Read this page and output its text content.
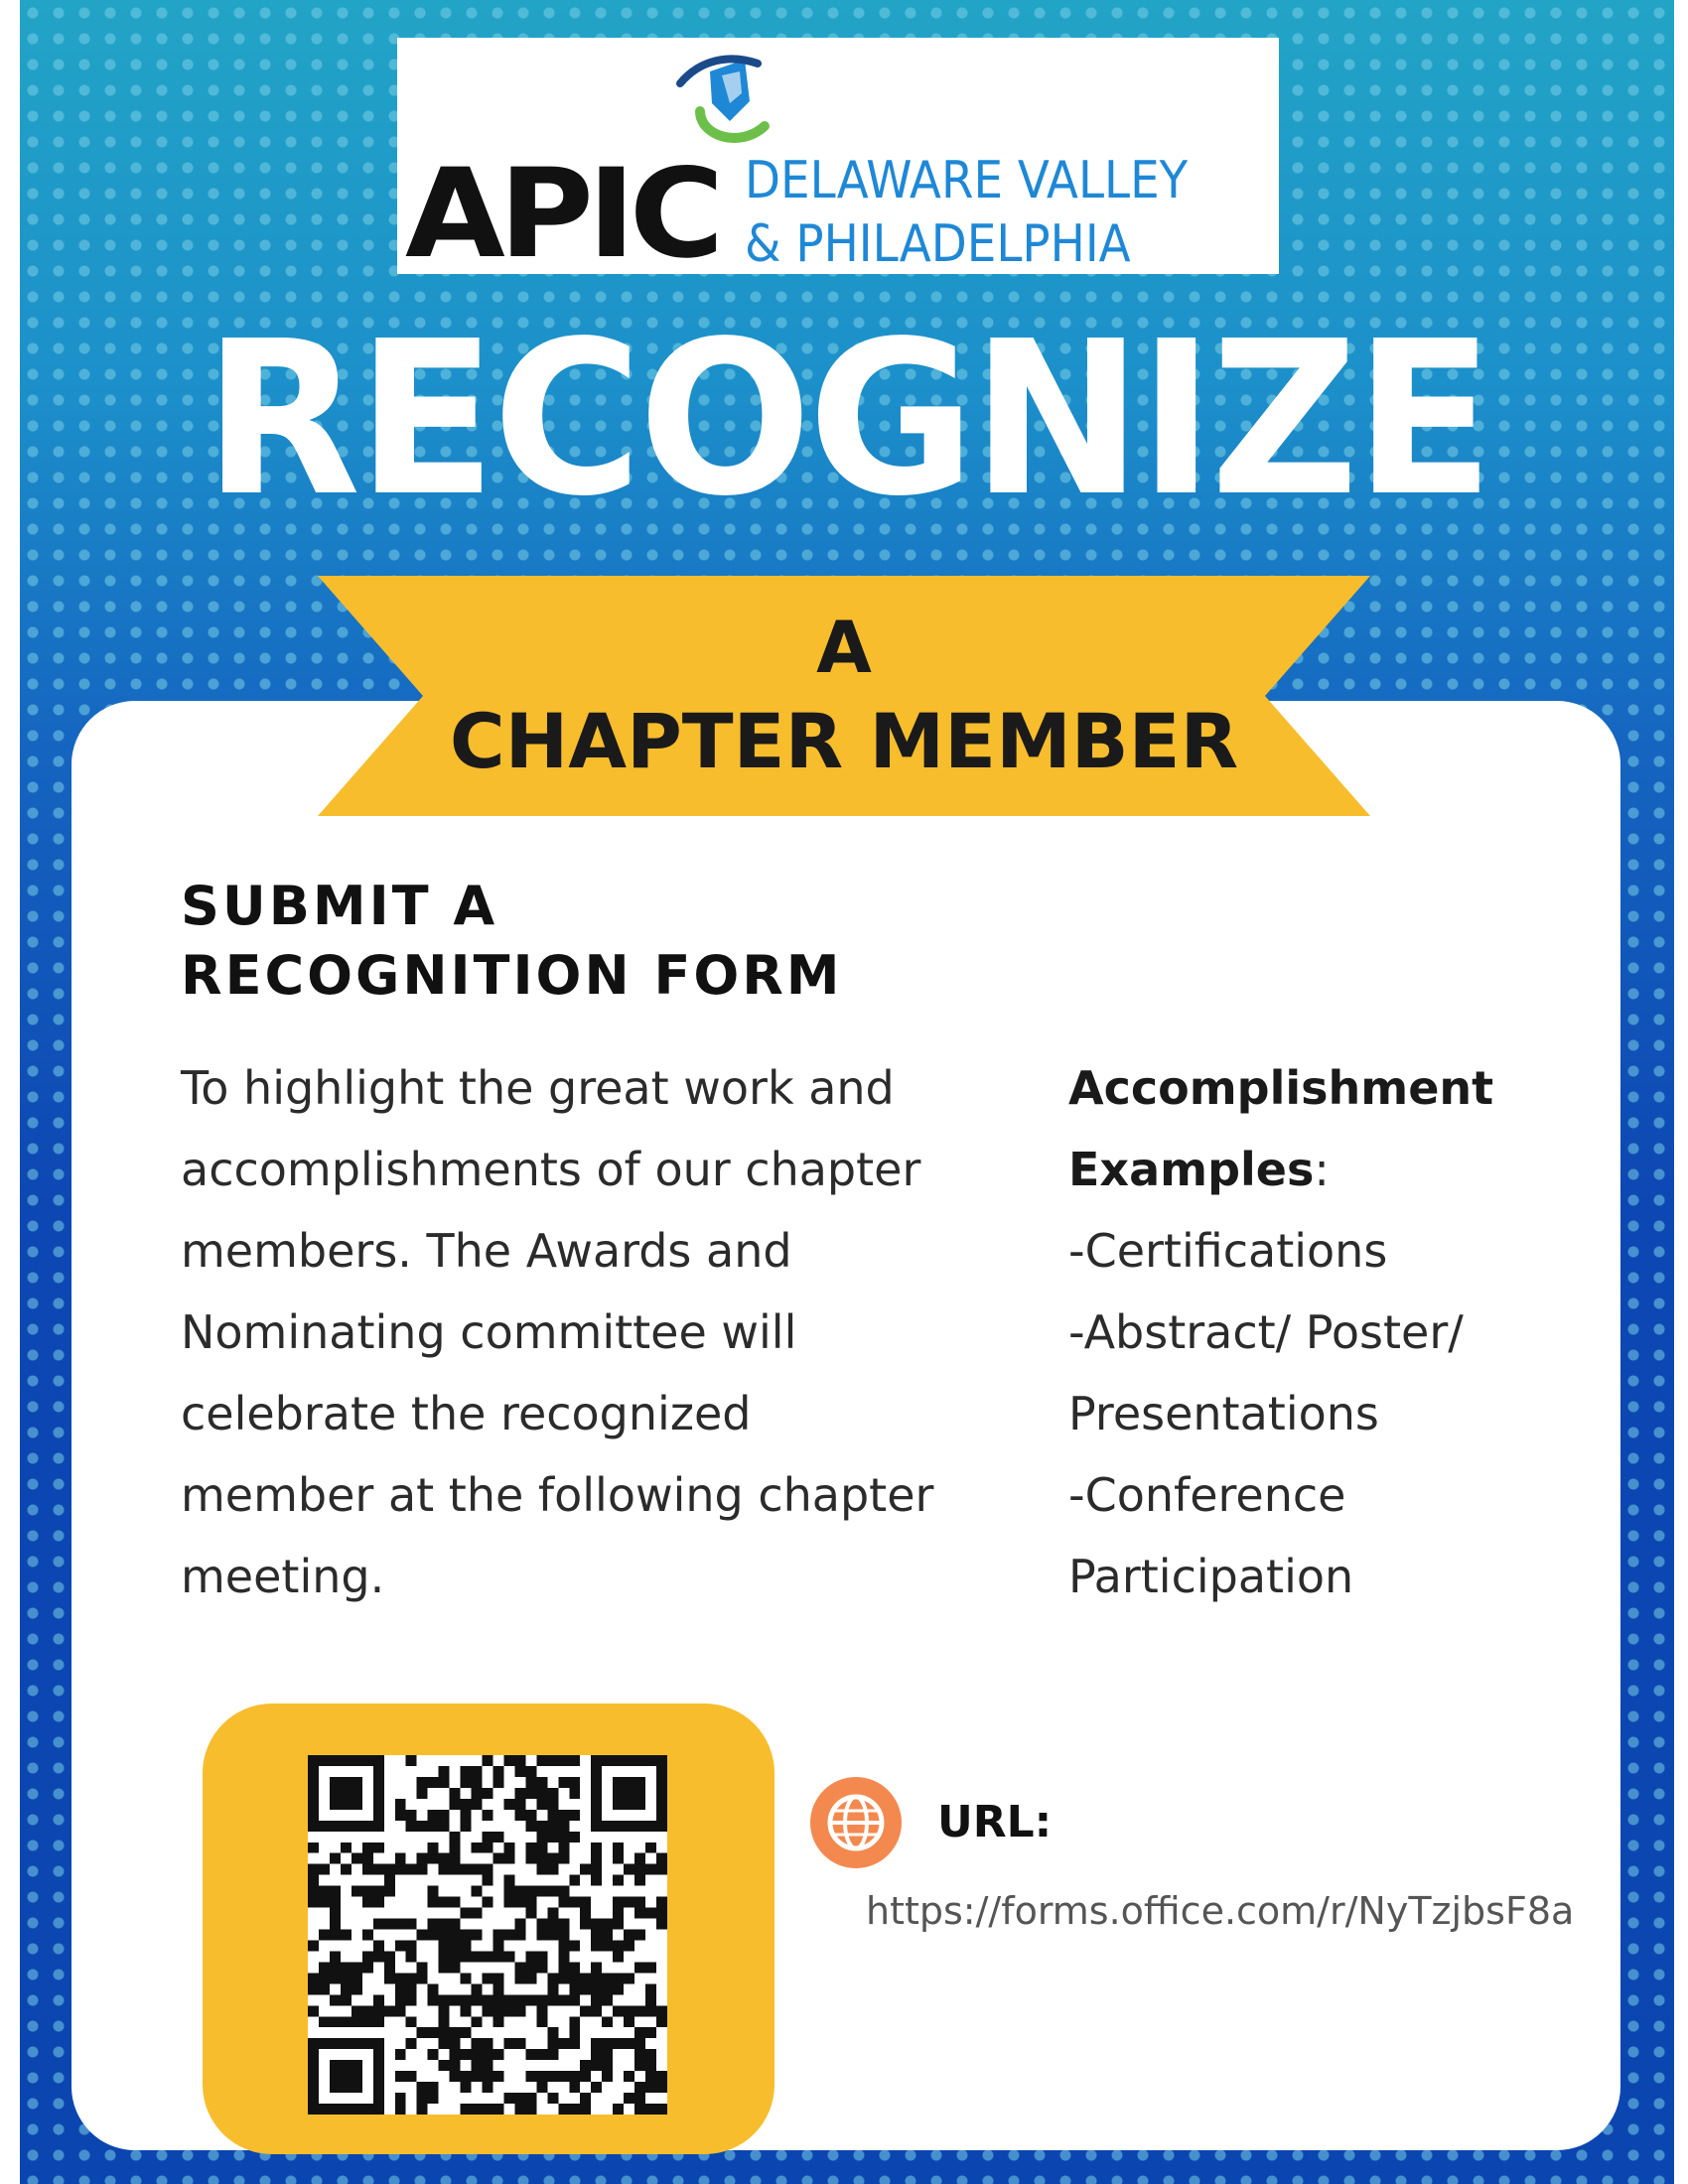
APIC DELAWARE VALLEY
& PHILADELPHIA
RECOGNIZE
A
CHAPTER MEMBER
SUBMIT A
RECOGNITION FORM
To highlight the great work and
accomplishments of our chapter
members. The Awards and
Nominating committee will
celebrate the recognized
member at the following chapter
meeting.
Accomplishment
Examples:
-Certifications
-Abstract/ Poster/
Presentations
-Conference
Participation
URL:
https://forms.office.com/r/NyTzjbsF8a
